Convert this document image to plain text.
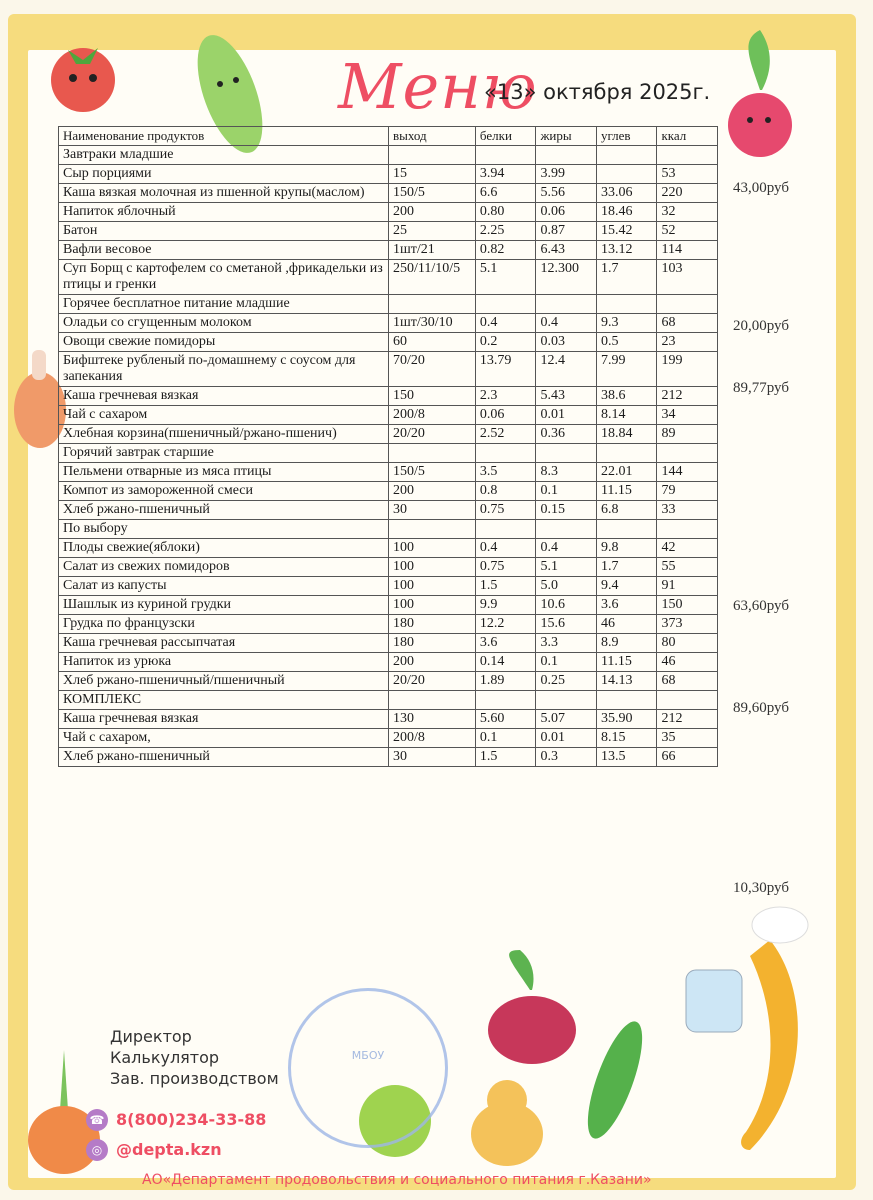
Меню
«13» октября 2025г.
Наименование продуктов	выход	белки	жиры	углев	ккал
Завтраки младшие					
Сыр порциями	15	3.94	3.99		53
Каша вязкая молочная из пшенной крупы(маслом)	150/5	6.6	5.56	33.06	220
Напиток яблочный	200	0.80	0.06	18.46	32
Батон	25	2.25	0.87	15.42	52
Вафли весовое	1шт/21	0.82	6.43	13.12	114
Суп Борщ с картофелем со сметаной ,фрикадельки из птицы и гренки	250/11/10/5	5.1	12.300	1.7	103
Горячее бесплатное питание младшие					
Оладьи со сгущенным молоком	1шт/30/10	0.4	0.4	9.3	68
Овощи свежие помидоры	60	0.2	0.03	0.5	23
Бифштеке рубленый по-домашнему с соусом для запекания	70/20	13.79	12.4	7.99	199
Каша гречневая вязкая	150	2.3	5.43	38.6	212
Чай с сахаром	200/8	0.06	0.01	8.14	34
Хлебная корзина(пшеничный/ржано-пшенич)	20/20	2.52	0.36	18.84	89
Горячий завтрак старшие					
Пельмени отварные из мяса птицы	150/5	3.5	8.3	22.01	144
Компот из замороженной смеси	200	0.8	0.1	11.15	79
Хлеб ржано-пшеничный	30	0.75	0.15	6.8	33
По выбору					
Плоды свежие(яблоки)	100	0.4	0.4	9.8	42
Салат из свежих помидоров	100	0.75	5.1	1.7	55
Салат из капусты	100	1.5	5.0	9.4	91
Шашлык из куриной грудки	100	9.9	10.6	3.6	150
Грудка по французски	180	12.2	15.6	46	373
Каша гречневая рассыпчатая	180	3.6	3.3	8.9	80
Напиток из урюка	200	0.14	0.1	11.15	46
Хлеб ржано-пшеничный/пшеничный	20/20	1.89	0.25	14.13	68
КОМПЛЕКС					
Каша гречневая вязкая	130	5.60	5.07	35.90	212
Чай с сахаром,	200/8	0.1	0.01	8.15	35
Хлеб ржано-пшеничный	30	1.5	0.3	13.5	66
43,00руб
20,00руб
89,77руб
63,60руб
89,60руб
10,30руб
МБОУ
Директор
Калькулятор
Зав. производством
☎ 8(800)234-33-88
◎ @depta.kzn
АО«Департамент продовольствия и социального питания г.Казани»
